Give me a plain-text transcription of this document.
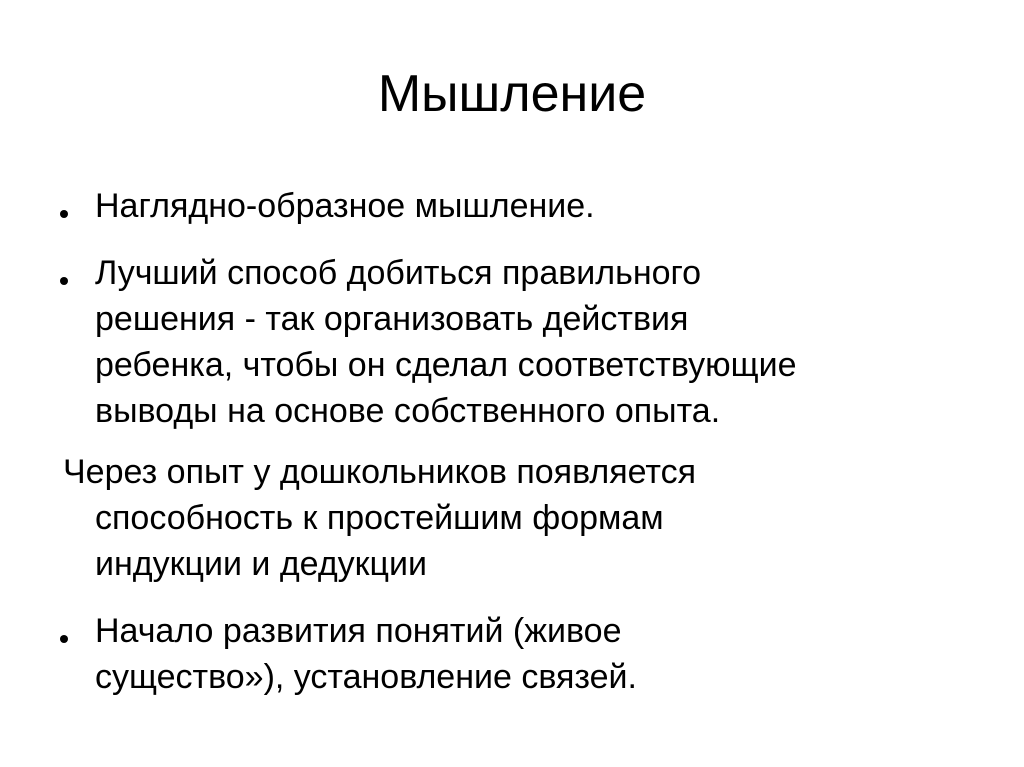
Мышление
Наглядно-образное мышление.
Лучший способ добиться правильного
решения - так организовать действия
ребенка, чтобы он сделал соответствующие
выводы на основе собственного опыта.
Через опыт у дошкольников появляется
способность к простейшим формам
индукции и дедукции
Начало развития понятий (живое
существо»), установление связей.
